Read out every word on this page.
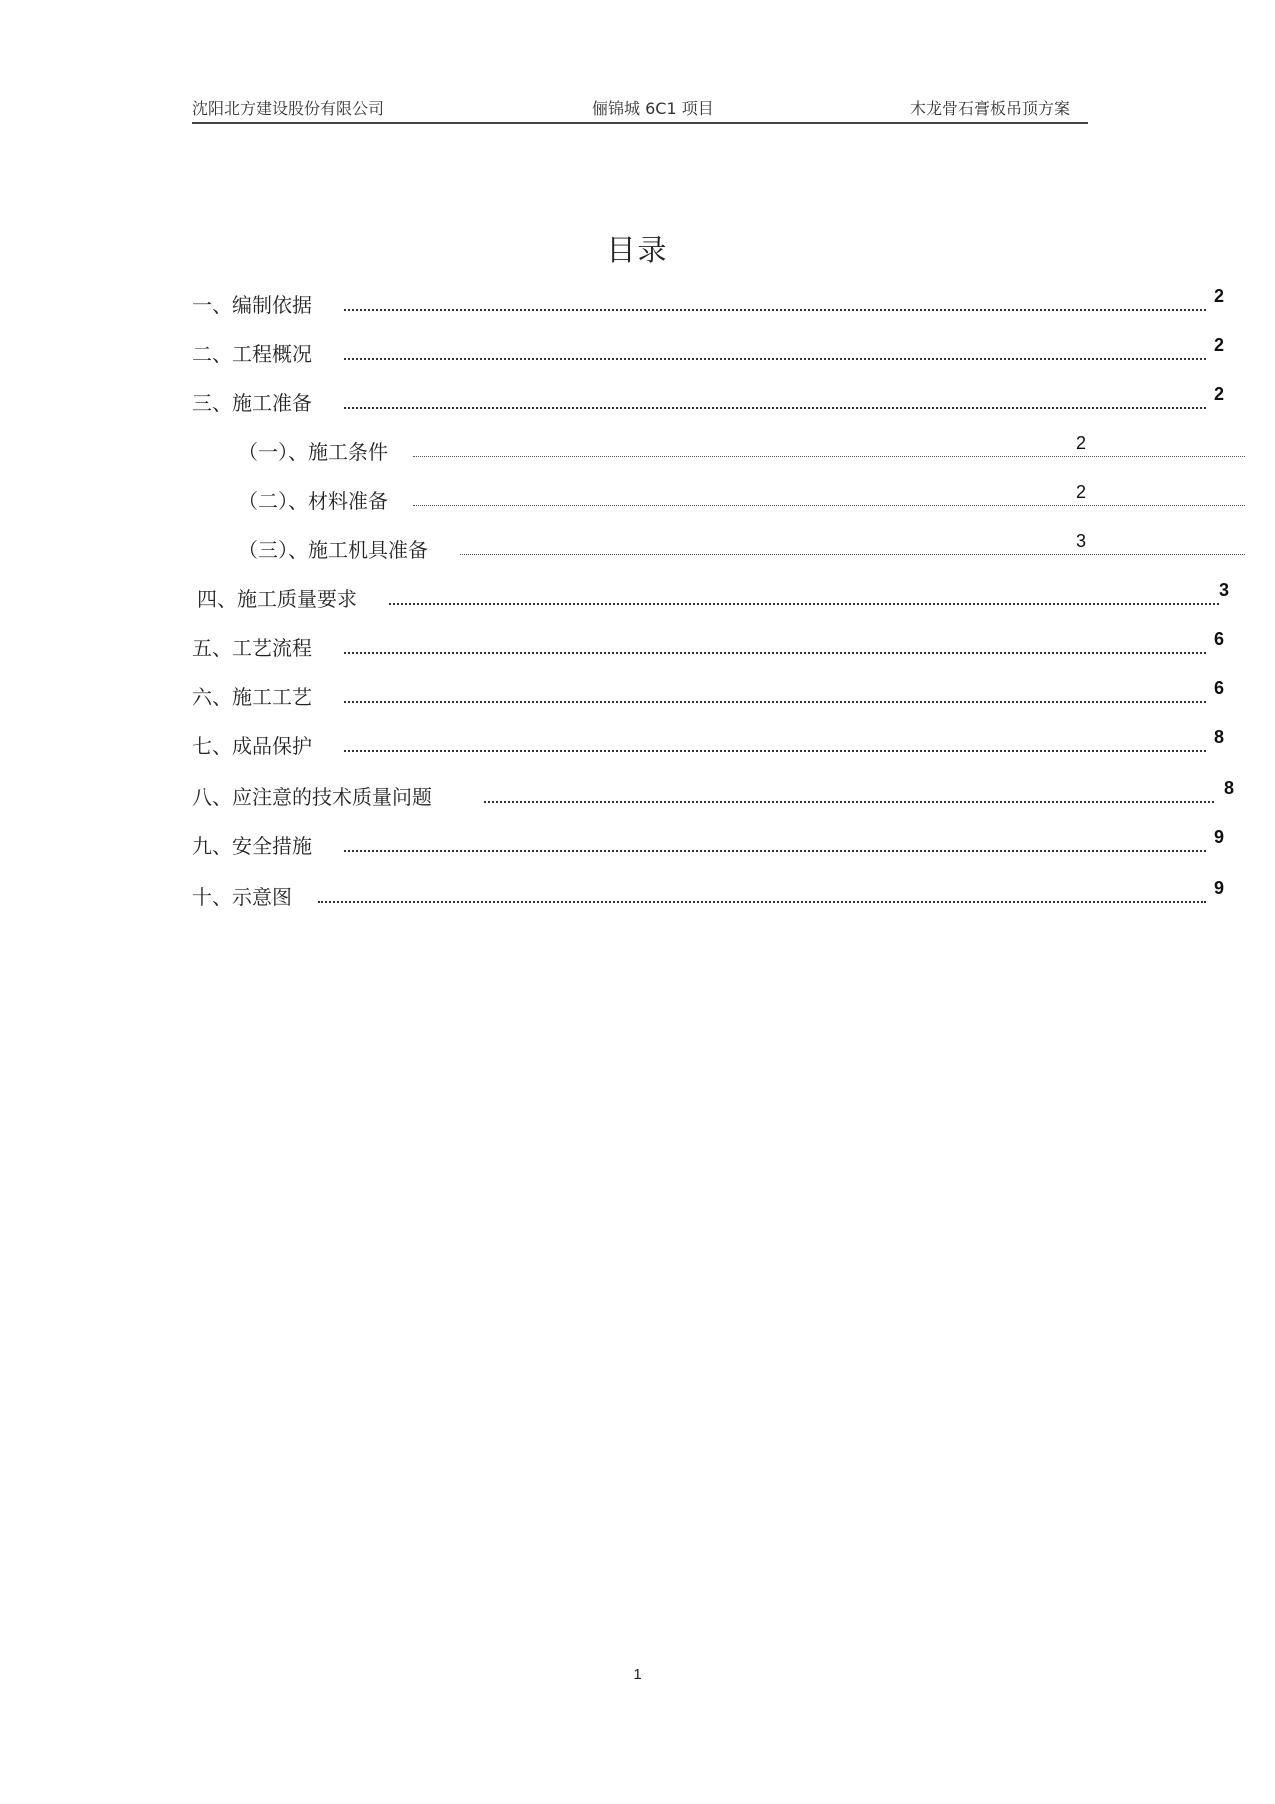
沈阳北方建设股份有限公司	俪锦城 6C1 项目	木龙骨石膏板吊顶方案
目录
一、编制依据	2
二、工程概况	2
三、施工准备	2
（一）、施工条件	2
（二）、材料准备	2
（三）、施工机具准备	3
四、施工质量要求	3
五、工艺流程	6
六、施工工艺	6
七、成品保护	8
八、应注意的技术质量问题	8
九、安全措施	9
十、示意图	9
1
